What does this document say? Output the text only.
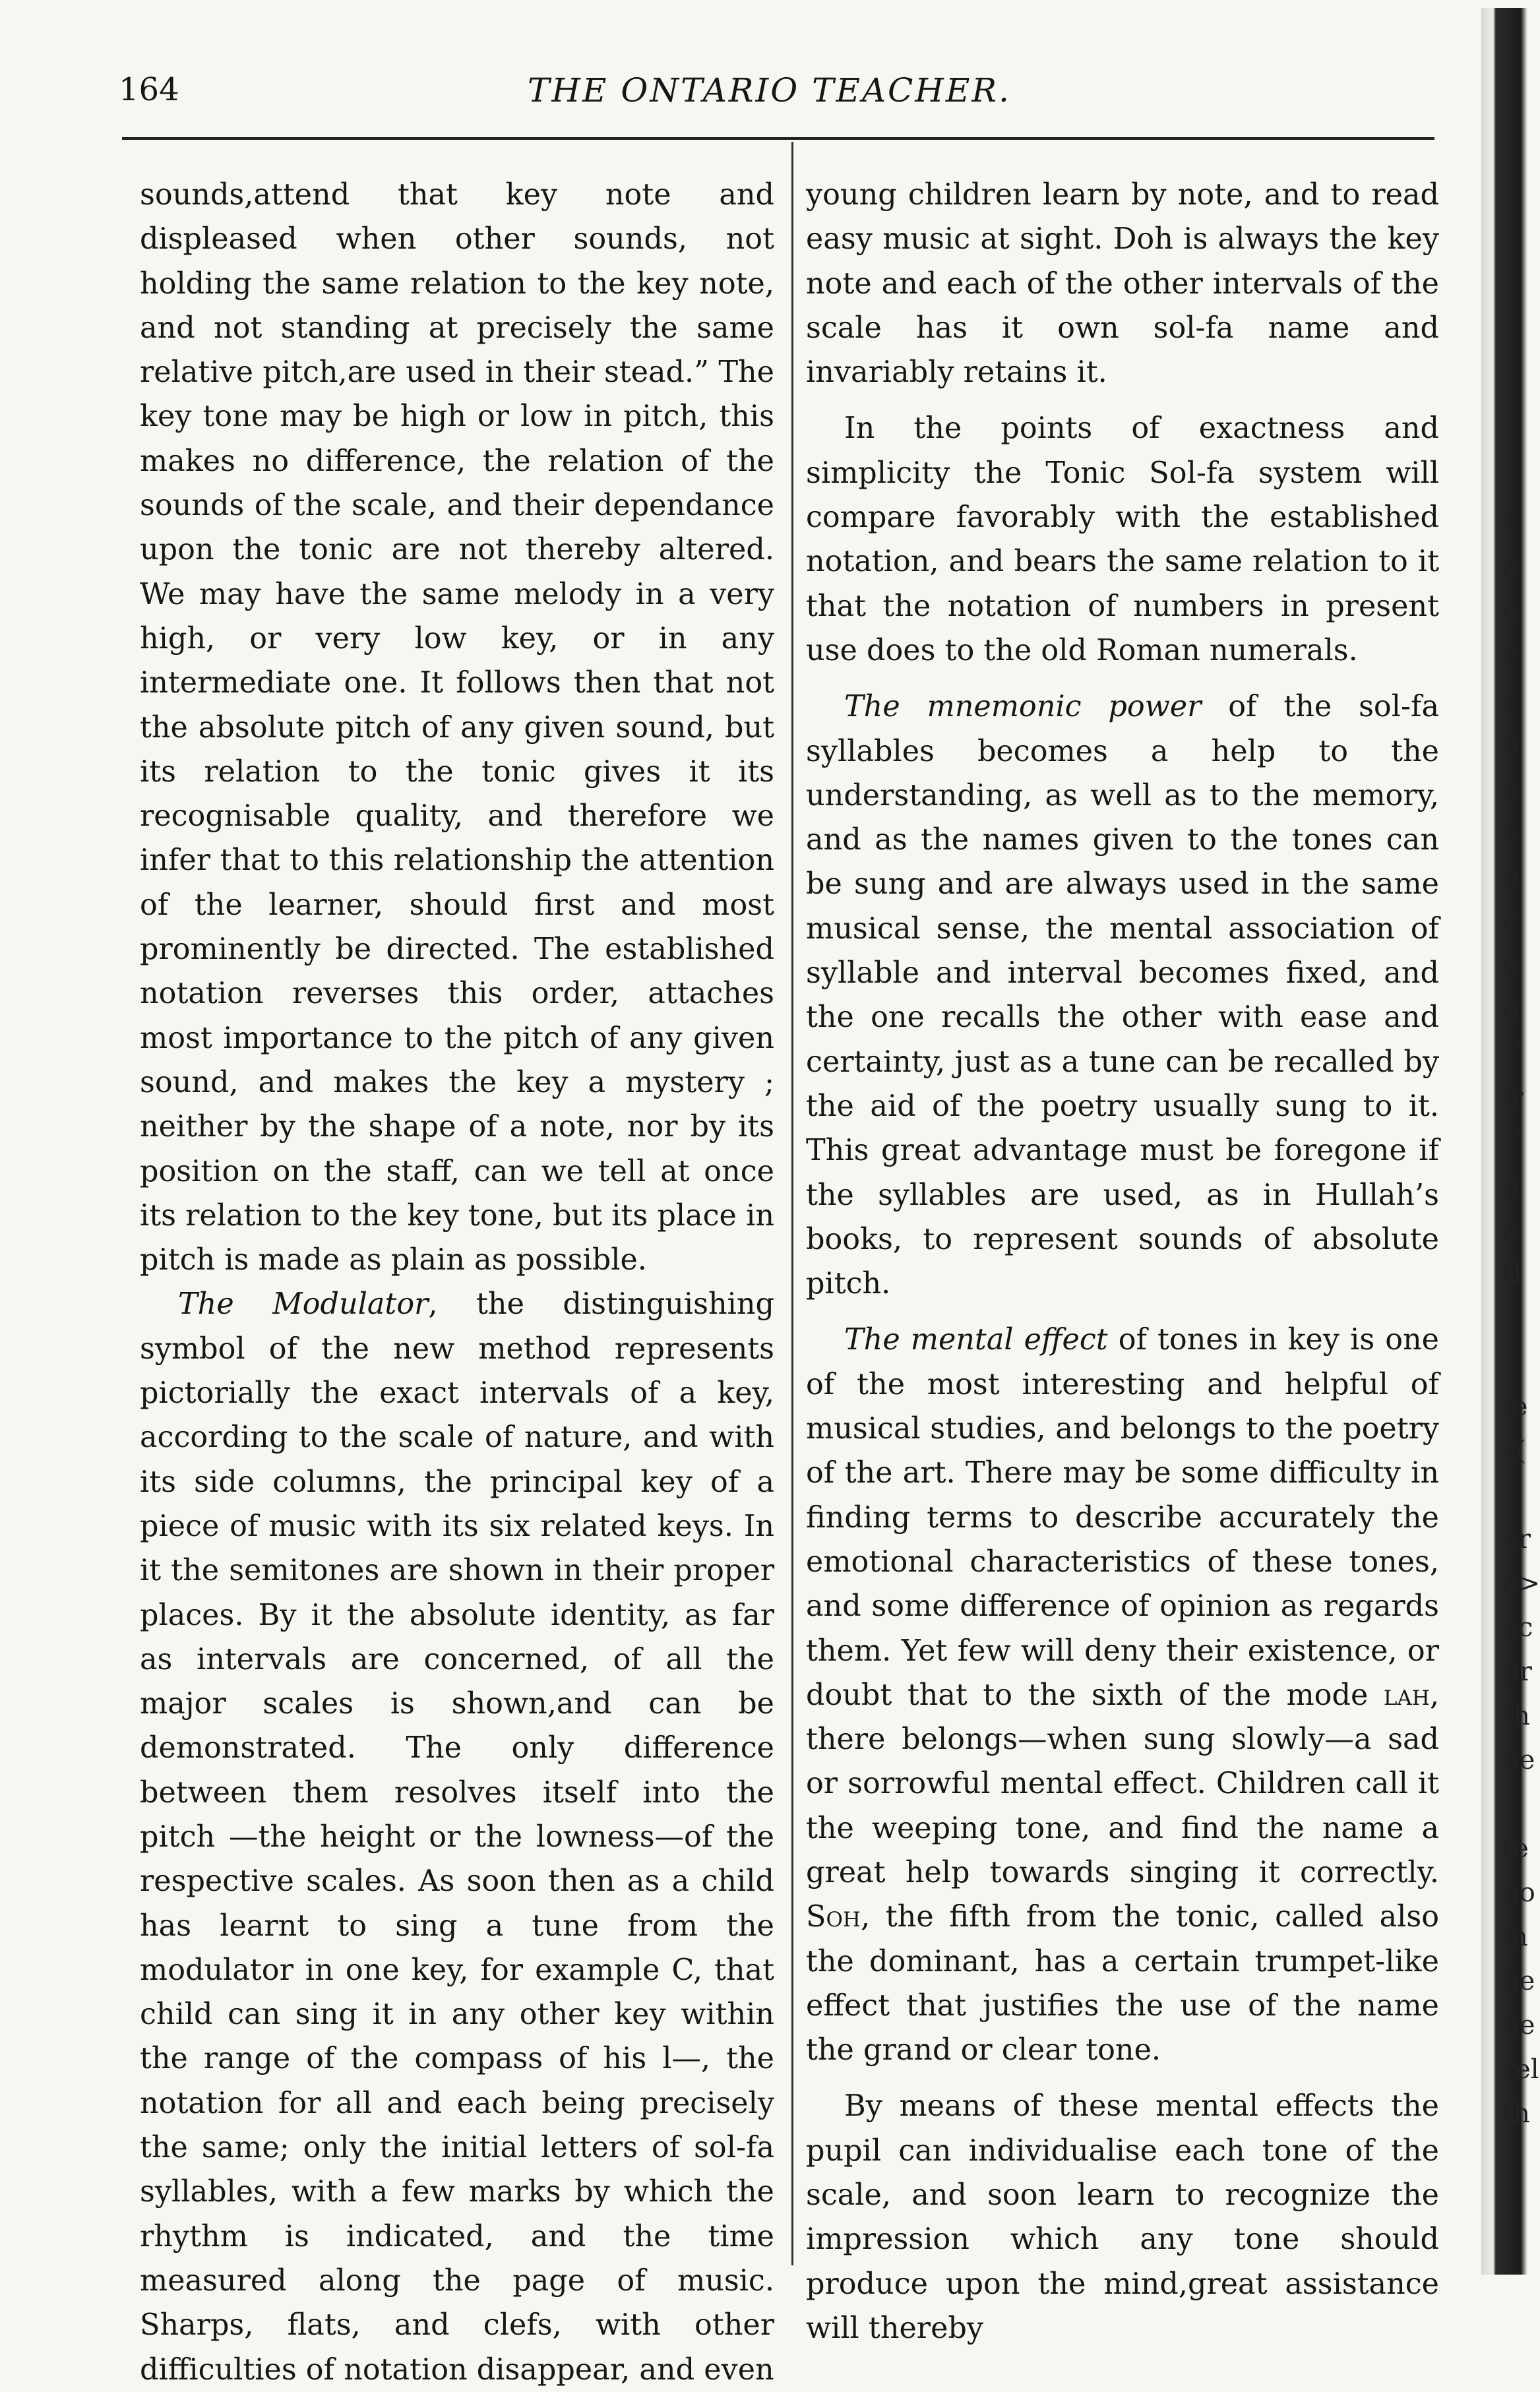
164	THE ONTARIO TEACHER.

sounds,attend that key note and displeased when other sounds, not holding the same relation to the key note, and not standing at precisely the same relative pitch,are used in their stead.” The key tone may be high or low in pitch, this makes no difference, the relation of the sounds of the scale, and their dependance upon the tonic are not thereby altered. We may have the same melody in a very high, or very low key, or in any intermediate one. It follows then that not the absolute pitch of any given sound, but its relation to the tonic gives it its recognisable quality, and therefore we infer that to this relationship the attention of the learner, should first and most prominently be directed. The established notation reverses this order, attaches most importance to the pitch of any given sound, and makes the key a mystery ; neither by the shape of a note, nor by its position on the staff, can we tell at once its relation to the key tone, but its place in pitch is made as plain as possible.

The Modulator, the distinguishing symbol of the new method represents pictorially the exact intervals of a key, according to the scale of nature, and with its side columns, the principal key of a piece of music with its six related keys. In it the semitones are shown in their proper places. By it the absolute identity, as far as intervals are concerned, of all the major scales is shown,and can be demonstrated. The only difference between them resolves itself into the pitch —the height or the lowness—of the respective scales. As soon then as a child has learnt to sing a tune from the modulator in one key, for example C, that child can sing it in any other key within the range of the compass of his l—, the notation for all and each being precisely the same; only the initial letters of sol-fa syllables, with a few marks by which the rhythm is indicated, and the time measured along the page of music. Sharps, flats, and clefs, with other difficulties of notation disappear, and even

young children learn by note, and to read easy music at sight. Doh is always the key note and each of the other intervals of the scale has it own sol-fa name and invariably retains it.

In the points of exactness and simplicity the Tonic Sol-fa system will compare favorably with the established notation, and bears the same relation to it that the notation of numbers in present use does to the old Roman numerals.

The mnemonic power of the sol-fa syllables becomes a help to the understanding, as well as to the memory, and as the names given to the tones can be sung and are always used in the same musical sense, the mental association of syllable and interval becomes fixed, and the one recalls the other with ease and certainty, just as a tune can be recalled by the aid of the poetry usually sung to it. This great advantage must be foregone if the syllables are used, as in Hullah’s books, to represent sounds of absolute pitch.

The mental effect of tones in key is one of the most interesting and helpful of musical studies, and belongs to the poetry of the art. There may be some difficulty in finding terms to describe accurately the emotional characteristics of these tones, and some difference of opinion as regards them. Yet few will deny their existence, or doubt that to the sixth of the mode lah, there belongs—when sung slowly—a sad or sorrowful mental effect. Children call it the weeping tone, and find the name a great help towards singing it correctly. Soh, the fifth from the tonic, called also the dominant, has a certain trumpet-like effect that justifies the use of the name the grand or clear tone.

By means of these mental effects the pupil can individualise each tone of the scale, and soon learn to recognize the impression which any tone should produce upon the mind,great assistance will thereby

l
c
c
r
s
b
a
s
p
c
c
g
T
ir
T
p
a
tl
fe
s(
ar
e>
ac
pr
th
be
te
no
in
be
ne
rel
th
